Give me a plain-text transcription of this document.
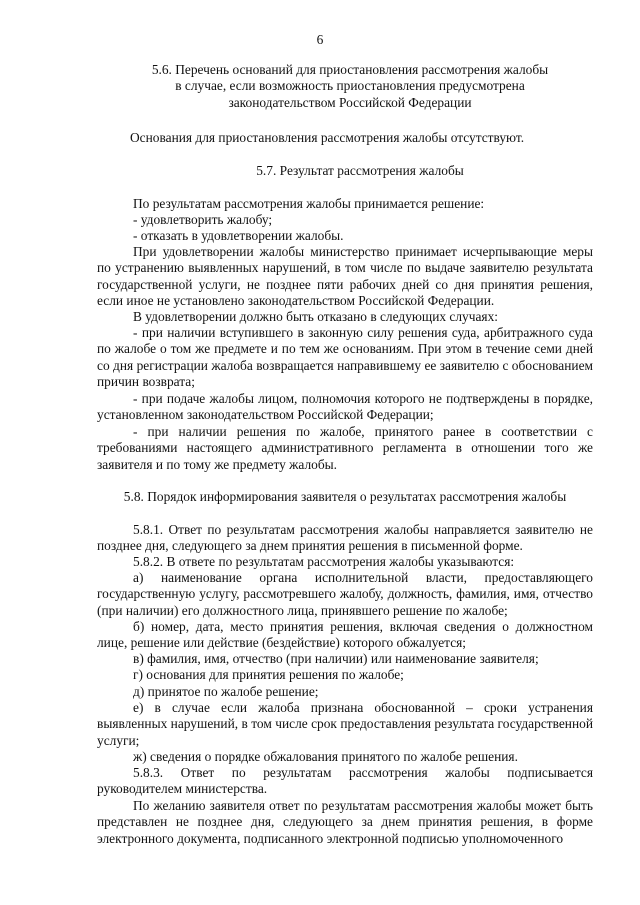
6
5.6. Перечень оснований для приостановления рассмотрения жалобы
в случае, если возможность приостановления предусмотрена
законодательством Российской Федерации

Основания для приостановления рассмотрения жалобы отсутствуют.

5.7. Результат рассмотрения жалобы

По результатам рассмотрения жалобы принимается решение:

- удовлетворить жалобу;

- отказать в удовлетворении жалобы.

При удовлетворении жалобы министерство принимает исчерпывающие меры по устранению выявленных нарушений, в том числе по выдаче заявителю результата государственной услуги, не позднее пяти рабочих дней со дня принятия решения, если иное не установлено законодательством Российской Федерации.

В удовлетворении должно быть отказано в следующих случаях:

- при наличии вступившего в законную силу решения суда, арбитражного суда по жалобе о том же предмете и по тем же основаниям. При этом в течение семи дней со дня регистрации жалоба возвращается направившему ее заявителю с обоснованием причин возврата;

- при подаче жалобы лицом, полномочия которого не подтверждены в порядке, установленном законодательством Российской Федерации;

- при наличии решения по жалобе, принятого ранее в соответствии с требованиями настоящего административного регламента в отношении того же заявителя и по тому же предмету жалобы.

5.8. Порядок информирования заявителя о результатах рассмотрения жалобы

5.8.1. Ответ по результатам рассмотрения жалобы направляется заявителю не позднее дня, следующего за днем принятия решения в письменной форме.

5.8.2. В ответе по результатам рассмотрения жалобы указываются:

а) наименование органа исполнительной власти, предоставляющего государственную услугу, рассмотревшего жалобу, должность, фамилия, имя, отчество (при наличии) его должностного лица, принявшего решение по жалобе;

б) номер, дата, место принятия решения, включая сведения о должностном лице, решение или действие (бездействие) которого обжалуется;

в) фамилия, имя, отчество (при наличии) или наименование заявителя;

г) основания для принятия решения по жалобе;

д) принятое по жалобе решение;

е) в случае если жалоба признана обоснованной – сроки устранения выявленных нарушений, в том числе срок предоставления результата государственной услуги;

ж) сведения о порядке обжалования принятого по жалобе решения.

5.8.3. Ответ по результатам рассмотрения жалобы подписывается руководителем министерства.

По желанию заявителя ответ по результатам рассмотрения жалобы может быть представлен не позднее дня, следующего за днем принятия решения, в форме электронного документа, подписанного электронной подписью уполномоченного
